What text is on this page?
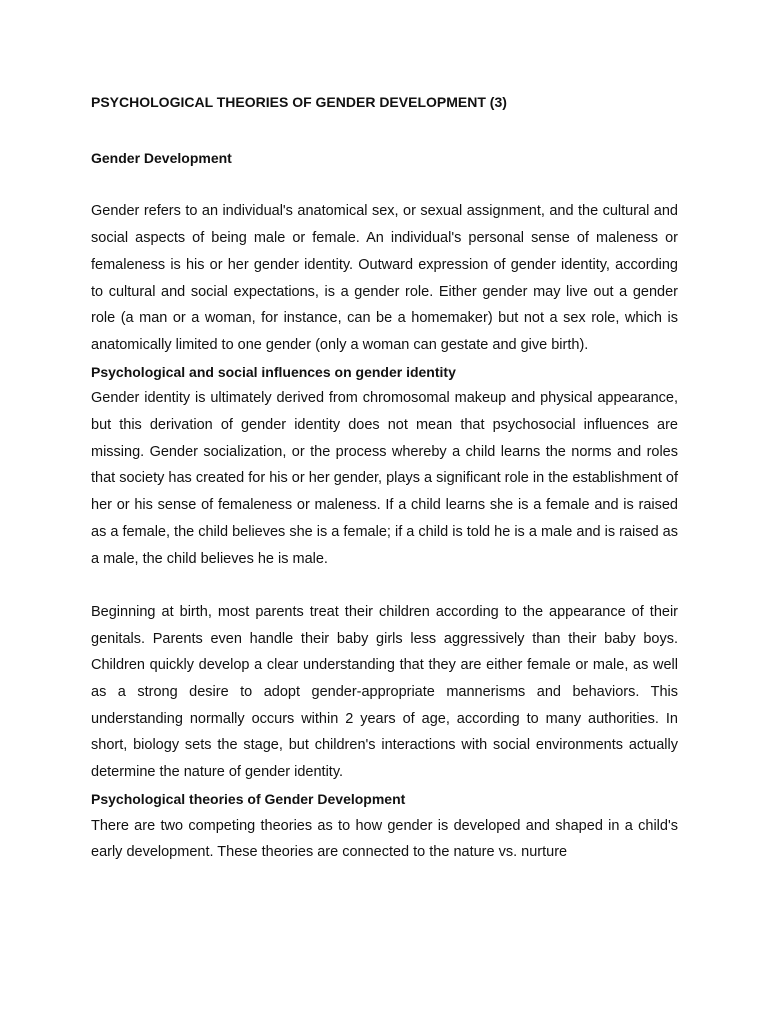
PSYCHOLOGICAL THEORIES OF GENDER DEVELOPMENT (3)
Gender Development

Gender refers to an individual's anatomical sex, or sexual assignment, and the cultural and social aspects of being male or female. An individual's personal sense of maleness or femaleness is his or her gender identity. Outward expression of gender identity, according to cultural and social expectations, is a gender role. Either gender may live out a gender role (a man or a woman, for instance, can be a homemaker) but not a sex role, which is anatomically limited to one gender (only a woman can gestate and give birth).

Psychological and social influences on gender identity

Gender identity is ultimately derived from chromosomal makeup and physical appearance, but this derivation of gender identity does not mean that psychosocial influences are missing. Gender socialization, or the process whereby a child learns the norms and roles that society has created for his or her gender, plays a significant role in the establishment of her or his sense of femaleness or maleness. If a child learns she is a female and is raised as a female, the child believes she is a female; if a child is told he is a male and is raised as a male, the child believes he is male.

Beginning at birth, most parents treat their children according to the appearance of their genitals. Parents even handle their baby girls less aggressively than their baby boys. Children quickly develop a clear understanding that they are either female or male, as well as a strong desire to adopt gender-appropriate mannerisms and behaviors. This understanding normally occurs within 2 years of age, according to many authorities. In short, biology sets the stage, but children's interactions with social environments actually determine the nature of gender identity.

Psychological theories of Gender Development

There are two competing theories as to how gender is developed and shaped in a child's early development. These theories are connected to the nature vs. nurture
